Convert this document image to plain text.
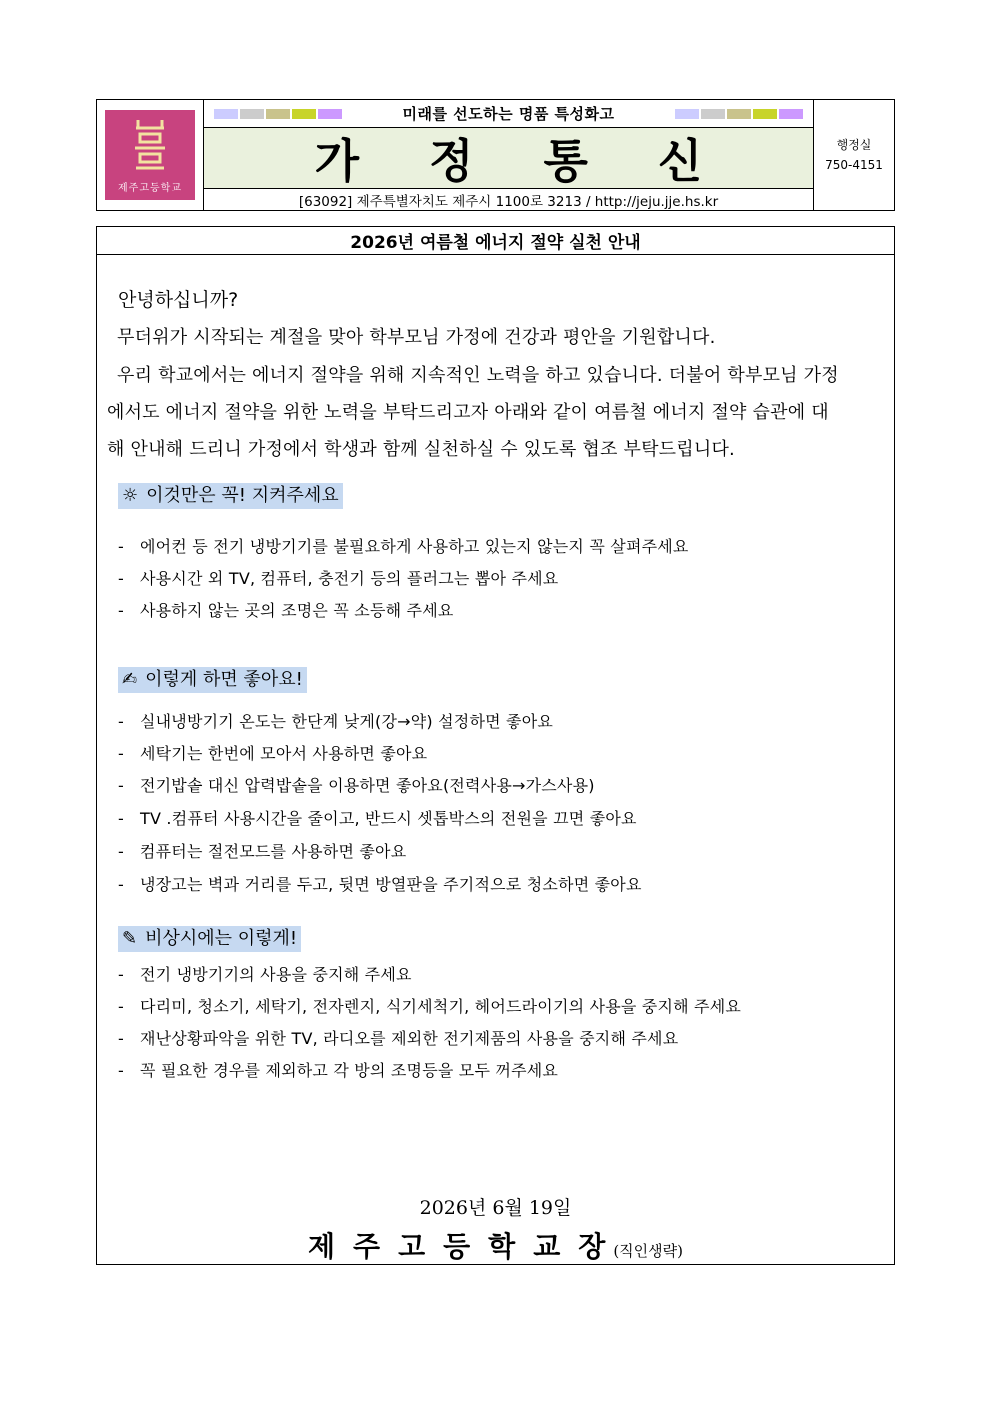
제주고등학교
미래를 선도하는 명품 특성화고
가정통신
[63092] 제주특별자치도 제주시 1100로 3213 / http://jeju.jje.hs.kr
행정실
750-4151
2026년 여름철 에너지 절약 실천 안내
안녕하십니까?
무더위가 시작되는 계절을 맞아 학부모님 가정에 건강과 평안을 기원합니다.
우리 학교에서는 에너지 절약을 위해 지속적인 노력을 하고 있습니다. 더불어 학부모님 가정
에서도 에너지 절약을 위한 노력을 부탁드리고자 아래와 같이 여름철 에너지 절약 습관에 대
해 안내해 드리니 가정에서 학생과 함께 실천하실 수 있도록 협조 부탁드립니다.
☼ 이것만은 꼭! 지켜주세요
- 에어컨 등 전기 냉방기기를 불필요하게 사용하고 있는지 않는지 꼭 살펴주세요
- 사용시간 외 TV, 컴퓨터, 충전기 등의 플러그는 뽑아 주세요
- 사용하지 않는 곳의 조명은 꼭 소등해 주세요
✍ 이렇게 하면 좋아요!
- 실내냉방기기 온도는 한단계 낮게(강→약) 설정하면 좋아요
- 세탁기는 한번에 모아서 사용하면 좋아요
- 전기밥솥 대신 압력밥솥을 이용하면 좋아요(전력사용→가스사용)
- TV .컴퓨터 사용시간을 줄이고, 반드시 셋톱박스의 전원을 끄면 좋아요
- 컴퓨터는 절전모드를 사용하면 좋아요
- 냉장고는 벽과 거리를 두고, 뒷면 방열판을 주기적으로 청소하면 좋아요
✎ 비상시에는 이렇게!
- 전기 냉방기기의 사용을 중지해 주세요
- 다리미, 청소기, 세탁기, 전자렌지, 식기세척기, 헤어드라이기의 사용을 중지해 주세요
- 재난상황파악을 위한 TV, 라디오를 제외한 전기제품의 사용을 중지해 주세요
- 꼭 필요한 경우를 제외하고 각 방의 조명등을 모두 꺼주세요
2026년 6월 19일
제주고등학교장(직인생략)
